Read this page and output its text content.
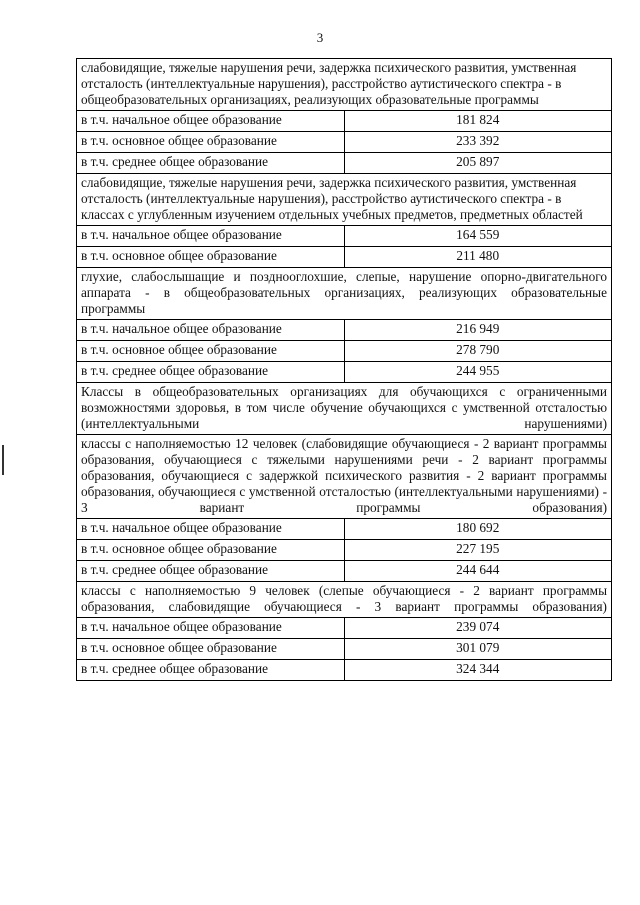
3
слабовидящие, тяжелые нарушения речи, задержка психического развития, умственная отсталость (интеллектуальные нарушения), расстройство аутистического спектра - в общеобразовательных организациях, реализующих образовательные программы	
в т.ч. начальное общее образование	181 824
в т.ч. основное общее образование	233 392
в т.ч. среднее общее образование	205 897
слабовидящие, тяжелые нарушения речи, задержка психического развития, умственная отсталость (интеллектуальные нарушения), расстройство аутистического спектра - в классах с углубленным изучением отдельных учебных предметов, предметных областей	
в т.ч. начальное общее образование	164 559
в т.ч. основное общее образование	211 480
глухие, слабослышащие и позднооглохшие, слепые, нарушение опорно-двигательного аппарата - в общеобразовательных организациях, реализующих образовательные программы	
в т.ч. начальное общее образование	216 949
в т.ч. основное общее образование	278 790
в т.ч. среднее общее образование	244 955
Классы в общеобразовательных организациях для обучающихся с ограниченными возможностями здоровья, в том числе обучение обучающихся с умственной отсталостью (интеллектуальными нарушениями)	
классы с наполняемостью 12 человек (слабовидящие обучающиеся - 2 вариант программы образования, обучающиеся с тяжелыми нарушениями речи - 2 вариант программы образования, обучающиеся с задержкой психического развития - 2 вариант программы образования, обучающиеся с умственной отсталостью (интеллектуальными нарушениями) - 3 вариант программы образования)	
в т.ч. начальное общее образование	180 692
в т.ч. основное общее образование	227 195
в т.ч. среднее общее образование	244 644
классы с наполняемостью 9 человек (слепые обучающиеся - 2 вариант программы образования, слабовидящие обучающиеся - 3 вариант программы образования)	
в т.ч. начальное общее образование	239 074
в т.ч. основное общее образование	301 079
в т.ч. среднее общее образование	324 344
